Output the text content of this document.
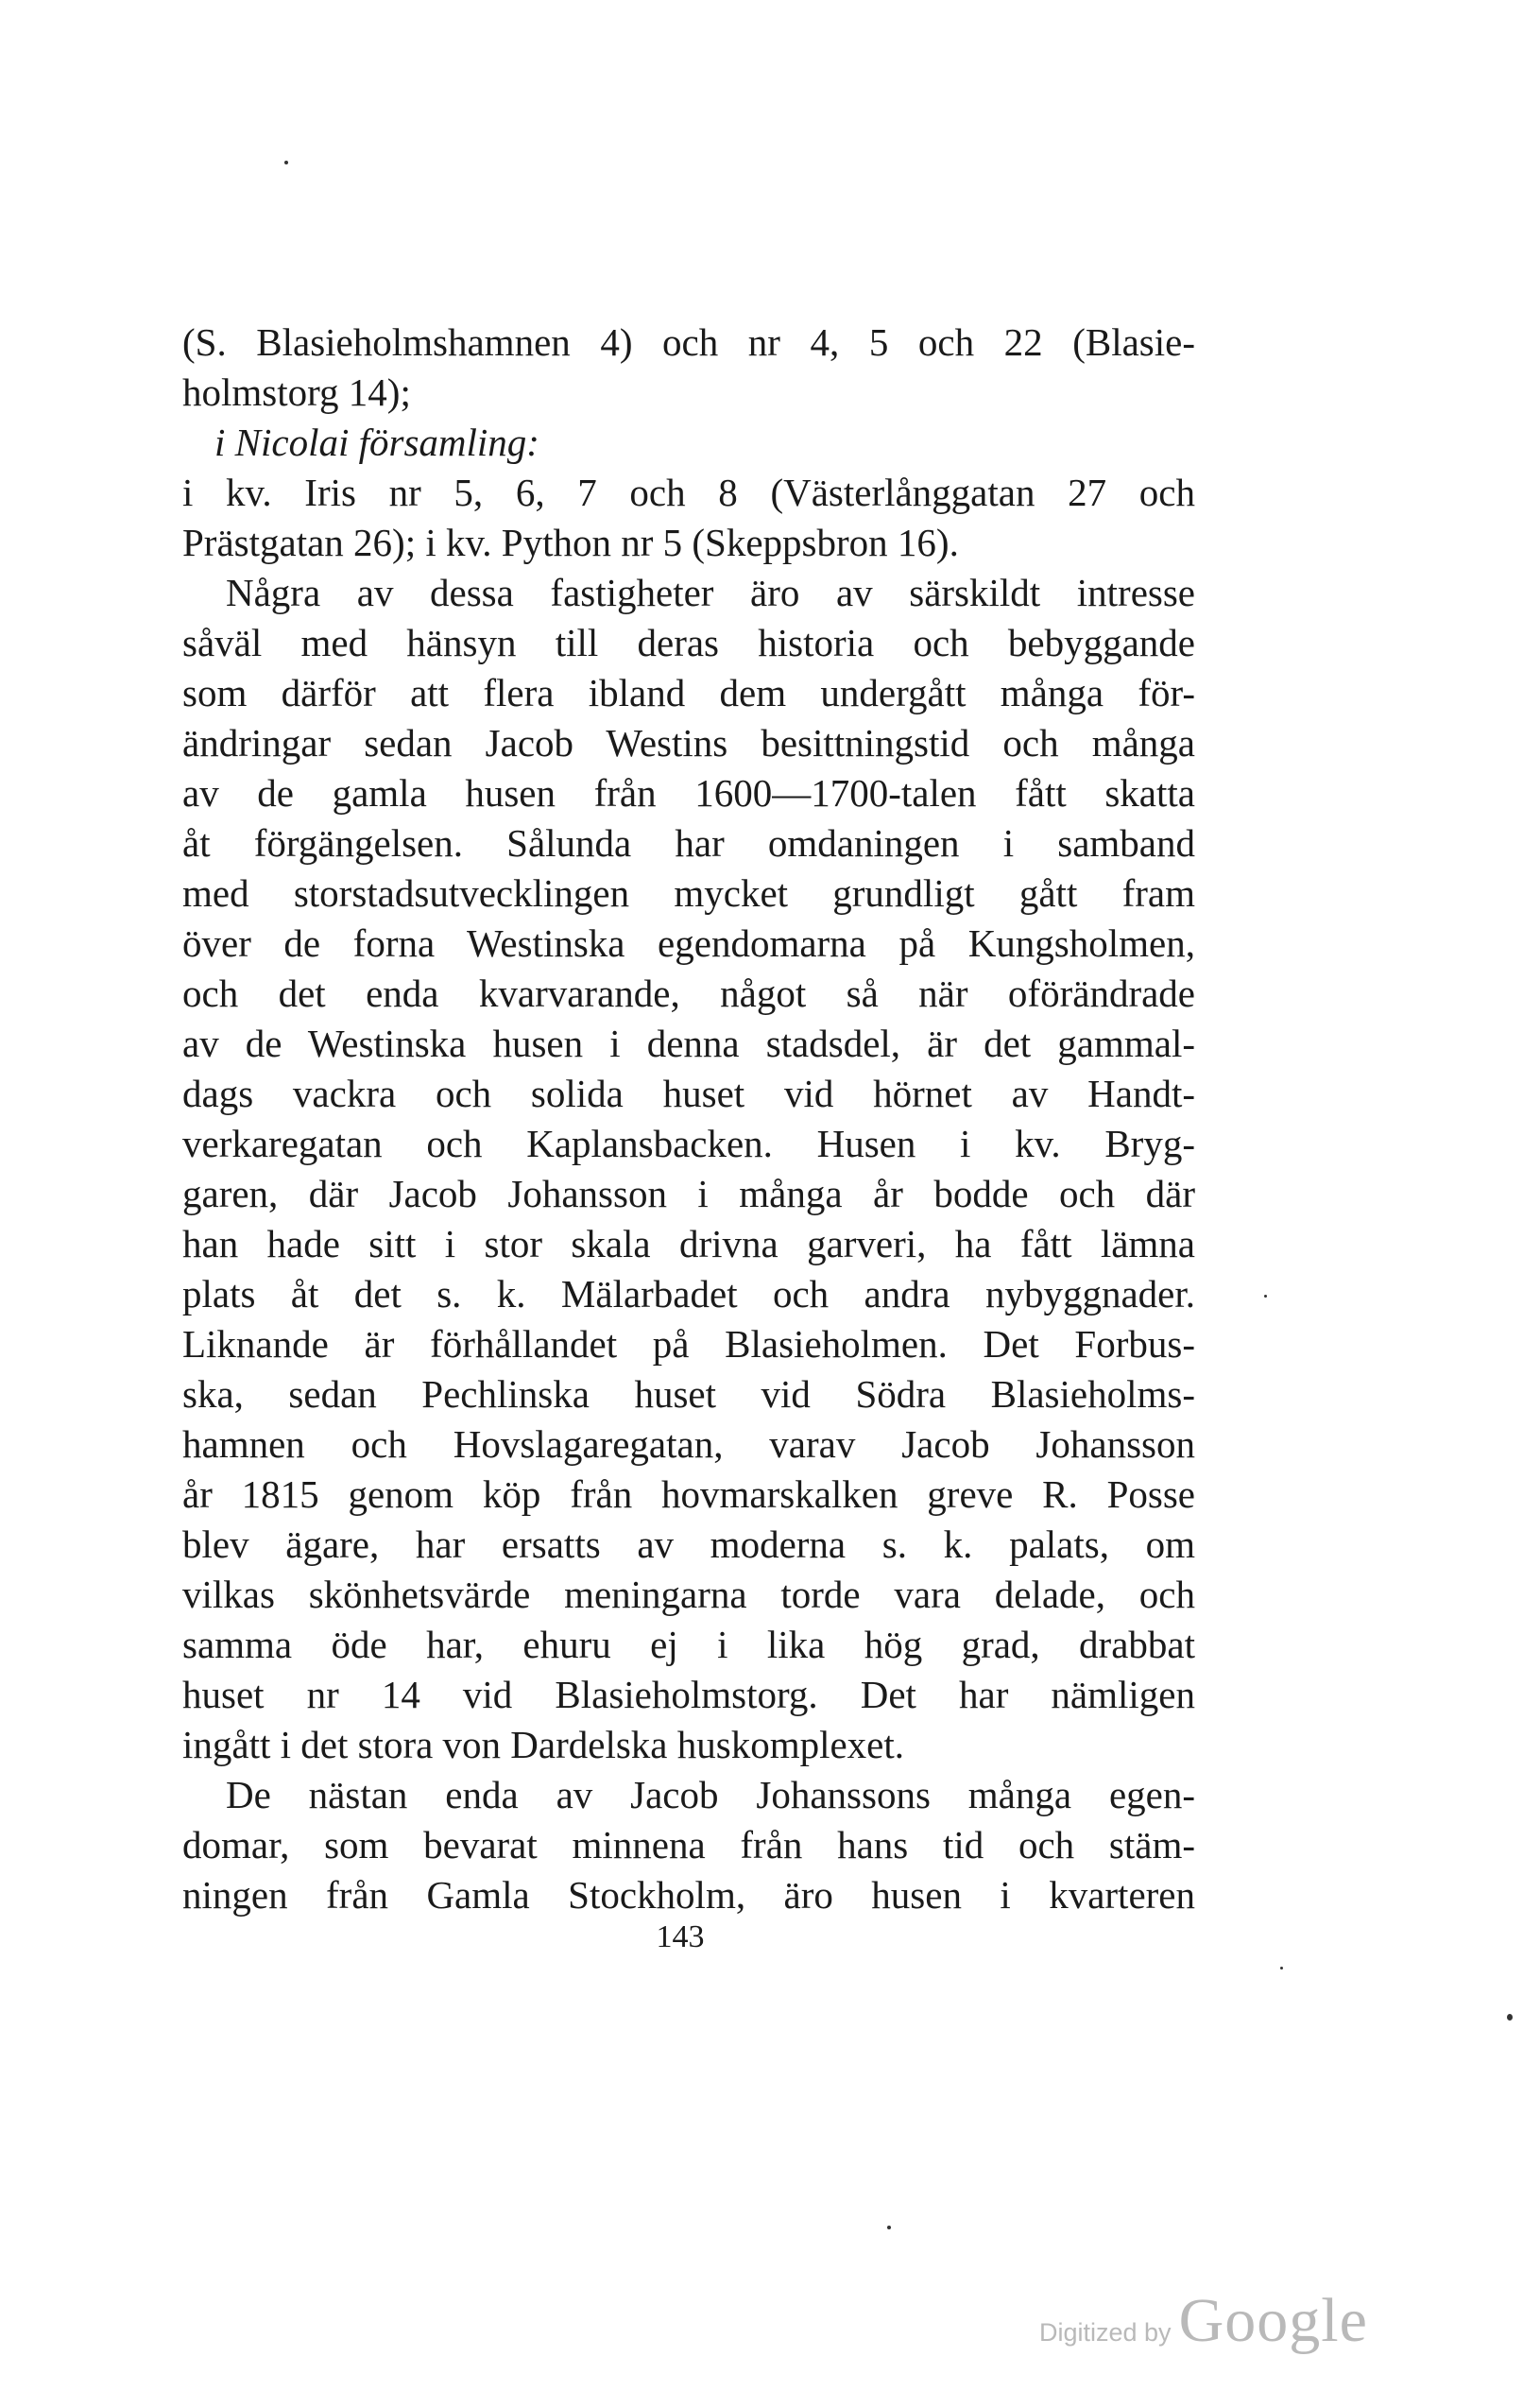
(S. Blasieholmshamnen 4) och nr 4, 5 och 22 (Blasie-
holmstorg 14);
i Nicolai församling:
i kv. Iris nr 5, 6, 7 och 8 (Västerlånggatan 27 och
Prästgatan 26); i kv. Python nr 5 (Skeppsbron 16).
Några av dessa fastigheter äro av särskildt intresse
såväl med hänsyn till deras historia och bebyggande
som därför att flera ibland dem undergått många för-
ändringar sedan Jacob Westins besittningstid och många
av de gamla husen från 1600—1700-talen fått skatta
åt förgängelsen. Sålunda har omdaningen i samband
med storstadsutvecklingen mycket grundligt gått fram
över de forna Westinska egendomarna på Kungsholmen,
och det enda kvarvarande, något så när oförändrade
av de Westinska husen i denna stadsdel, är det gammal-
dags vackra och solida huset vid hörnet av Handt-
verkaregatan och Kaplansbacken. Husen i kv. Bryg-
garen, där Jacob Johansson i många år bodde och där
han hade sitt i stor skala drivna garveri, ha fått lämna
plats åt det s. k. Mälarbadet och andra nybyggnader.
Liknande är förhållandet på Blasieholmen. Det Forbus-
ska, sedan Pechlinska huset vid Södra Blasieholms-
hamnen och Hovslagaregatan, varav Jacob Johansson
år 1815 genom köp från hovmarskalken greve R. Posse
blev ägare, har ersatts av moderna s. k. palats, om
vilkas skönhetsvärde meningarna torde vara delade, och
samma öde har, ehuru ej i lika hög grad, drabbat
huset nr 14 vid Blasieholmstorg. Det har nämligen
ingått i det stora von Dardelska huskomplexet.
De nästan enda av Jacob Johanssons många egen-
domar, som bevarat minnena från hans tid och stäm-
ningen från Gamla Stockholm, äro husen i kvarteren
143
Digitized by Google
